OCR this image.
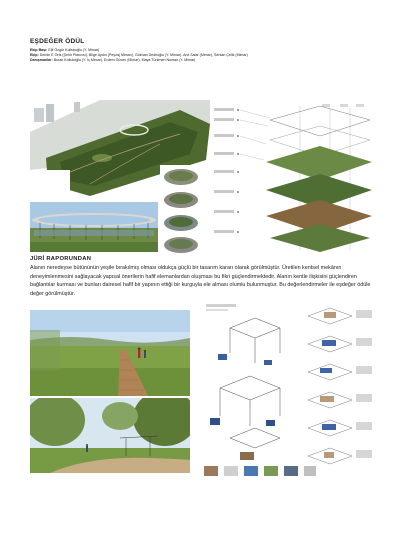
EŞDEĞER ÖDÜL
Ekip Başı: Elif Özgür Koltukoğlu (Y. Mimar)
Ekip: Demie E Örts (Şehir Plancısı), Bilge Aydın (Peyzaj Mimarı), Gökhan Dedeoğlu (Y. Mimar), Anıl Salar (Mimar), Serkan Çelik (Mimar)
Danışmanlar: Burak Koltukoğlu (Y. İç Mimar), Erdem Güven (Mimar), Maya Türkmen Numan (Y. Mimar)
JÜRİ RAPORUNDAN

Alanın neredeyse bütününün yeşile bırakılmış olması oldukça güçlü bir tasarım kararı olarak görülmüştür. Üretilen kentsel mekânın deneyimlenmesini sağlayacak yapısal önerilerin hafif elemanlardan oluşması bu fikri güçlendirmektedir. Alanın kentle ilişkisini güçlendiren bağlantılar kurması ve bunları dairesel hafif bir yapının ettiği bir kurguyla ele alması olumlu bulunmuştur. Bu değerlendirmeler ile eşdeğer ödüle değer görülmüştür.
